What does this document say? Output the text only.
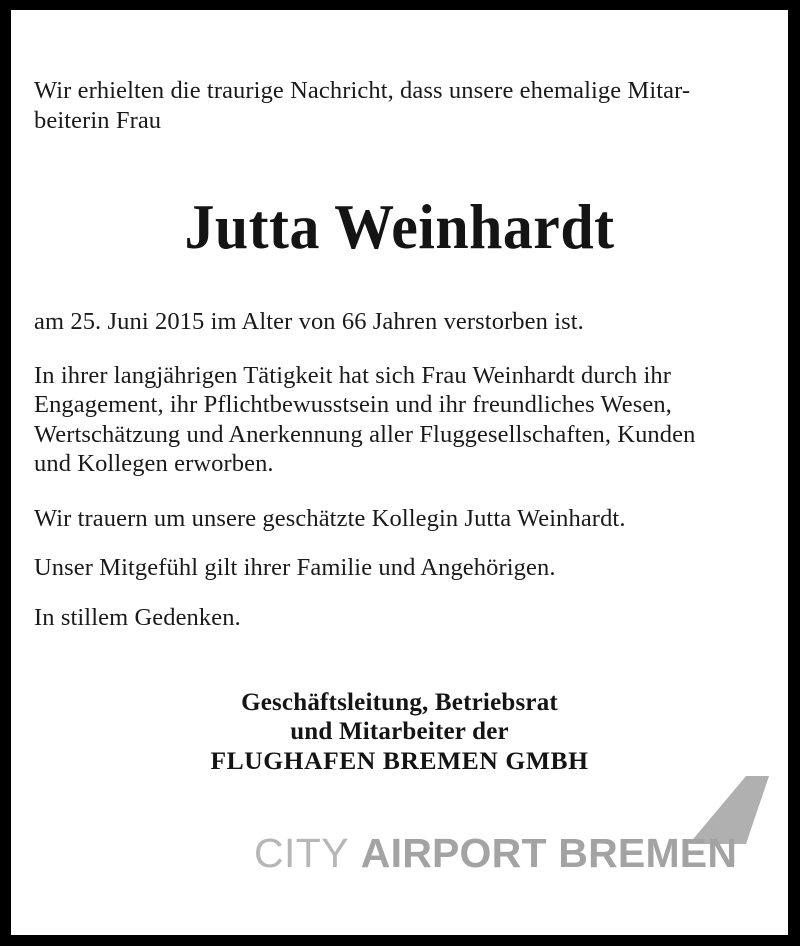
Wir erhielten die traurige Nachricht, dass unsere ehemalige Mitar-
beiterin Frau

Jutta Weinhardt

am 25. Juni 2015 im Alter von 66 Jahren verstorben ist.

In ihrer langjährigen Tätigkeit hat sich Frau Weinhardt durch ihr
Engagement, ihr Pflichtbewusstsein und ihr freundliches Wesen,
Wertschätzung und Anerkennung aller Fluggesellschaften, Kunden
und Kollegen erworben.

Wir trauern um unsere geschätzte Kollegin Jutta Weinhardt.

Unser Mitgefühl gilt ihrer Familie und Angehörigen.

In stillem Gedenken.

Geschäftsleitung, Betriebsrat
und Mitarbeiter der
FLUGHAFEN BREMEN GMBH
CITY AIRPORT BREMEN
